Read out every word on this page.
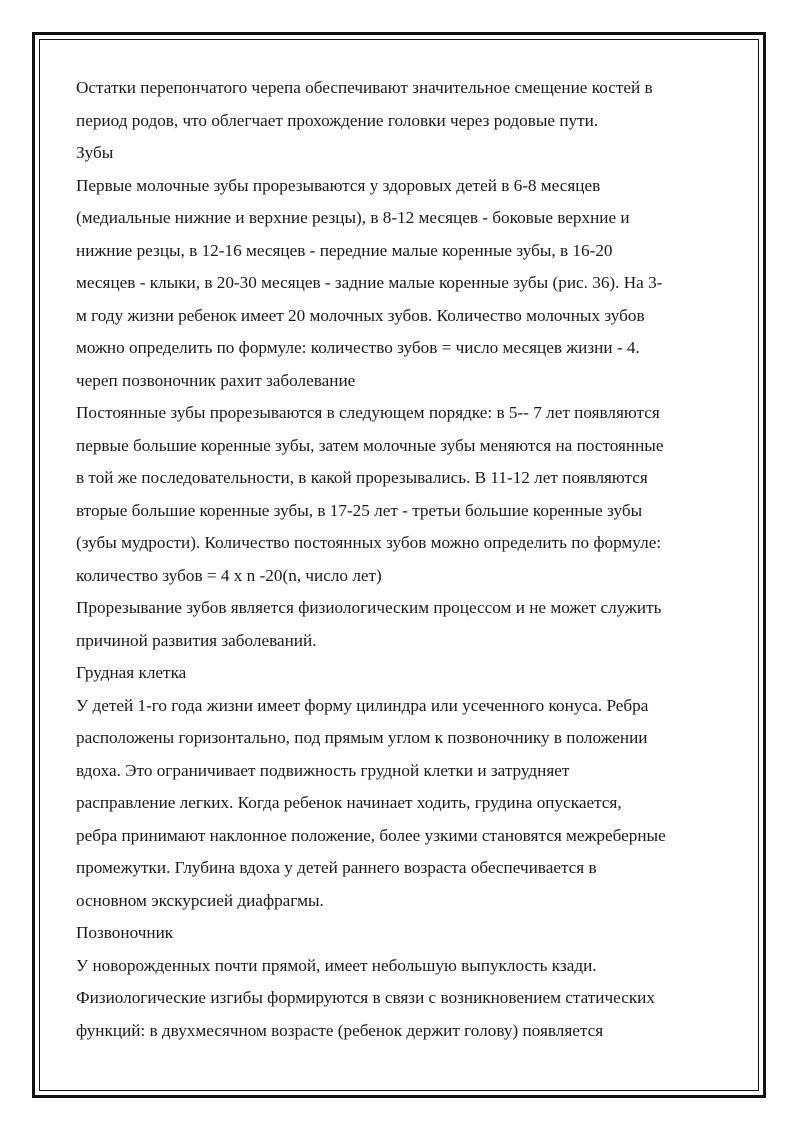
Остатки перепончатого черепа обеспечивают значительное смещение костей в
период родов, что облегчает прохождение головки через родовые пути.
Зубы
Первые молочные зубы прорезываются у здоровых детей в 6-8 месяцев
(медиальные нижние и верхние резцы), в 8-12 месяцев - боковые верхние и
нижние резцы, в 12-16 месяцев - передние малые коренные зубы, в 16-20
месяцев - клыки, в 20-30 месяцев - задние малые коренные зубы (рис. 36). На 3-
м году жизни ребенок имеет 20 молочных зубов. Количество молочных зубов
можно определить по формуле: количество зубов = число месяцев жизни - 4.
череп позвоночник рахит заболевание
Постоянные зубы прорезываются в следующем порядке: в 5-- 7 лет появляются
первые большие коренные зубы, затем молочные зубы меняются на постоянные
в той же последовательности, в какой прорезывались. В 11-12 лет появляются
вторые большие коренные зубы, в 17-25 лет - третьи большие коренные зубы
(зубы мудрости). Количество постоянных зубов можно определить по формуле:
количество зубов = 4 х n -20(n, число лет)
Прорезывание зубов является физиологическим процессом и не может служить
причиной развития заболеваний.
Грудная клетка
У детей 1-го года жизни имеет форму цилиндра или усеченного конуса. Ребра
расположены горизонтально, под прямым углом к позвоночнику в положении
вдоха. Это ограничивает подвижность грудной клетки и затрудняет
расправление легких. Когда ребенок начинает ходить, грудина опускается,
ребра принимают наклонное положение, более узкими становятся межреберные
промежутки. Глубина вдоха у детей раннего возраста обеспечивается в
основном экскурсией диафрагмы.
Позвоночник
У новорожденных почти прямой, имеет небольшую выпуклость кзади.
Физиологические изгибы формируются в связи с возникновением статических
функций: в двухмесячном возрасте (ребенок держит голову) появляется
